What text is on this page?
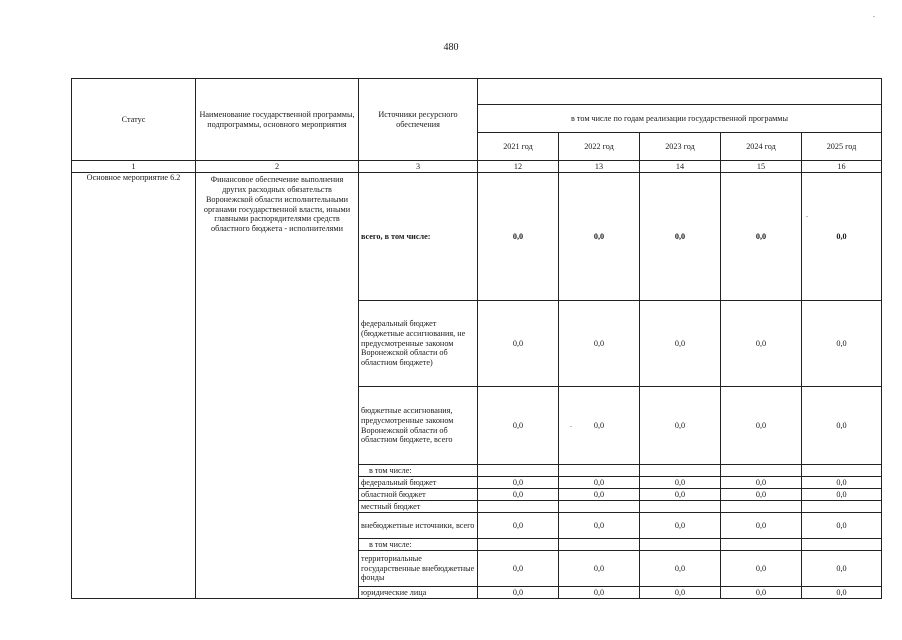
480
Статус	Наименование государственной программы, подпрограммы, основного мероприятия	Источники ресурсного обеспечения					
			в том числе по годам реализации государственной программы				
			2021 год	2022 год	2023 год	2024 год	2025 год
1	2	3	12	13	14	15	16
Основное мероприятие 6.2	Финансовое обеспечение выполнения других расходных обязательств Воронежской области исполнительными органами государственной власти, иными главными распорядителями средств областного бюджета - исполнителями	всего, в том числе:	0,0	0,0	0,0	0,0	0,0
		федеральный бюджет (бюджетные ассигнования, не предусмотренные законом Воронежской области об областном бюджете)	0,0	0,0	0,0	0,0	0,0
		бюджетные ассигнования, предусмотренные законом Воронежской области об областном бюджете, всего	0,0	0,0	0,0	0,0	0,0
		в том числе:					
		федеральный бюджет	0,0	0,0	0,0	0,0	0,0
		областной бюджет	0,0	0,0	0,0	0,0	0,0
		местный бюджет					
		внебюджетные источники, всего	0,0	0,0	0,0	0,0	0,0
		в том числе:					
		территориальные государственные внебюджетные фонды	0,0	0,0	0,0	0,0	0,0
		юридические лица	0,0	0,0	0,0	0,0	0,0
